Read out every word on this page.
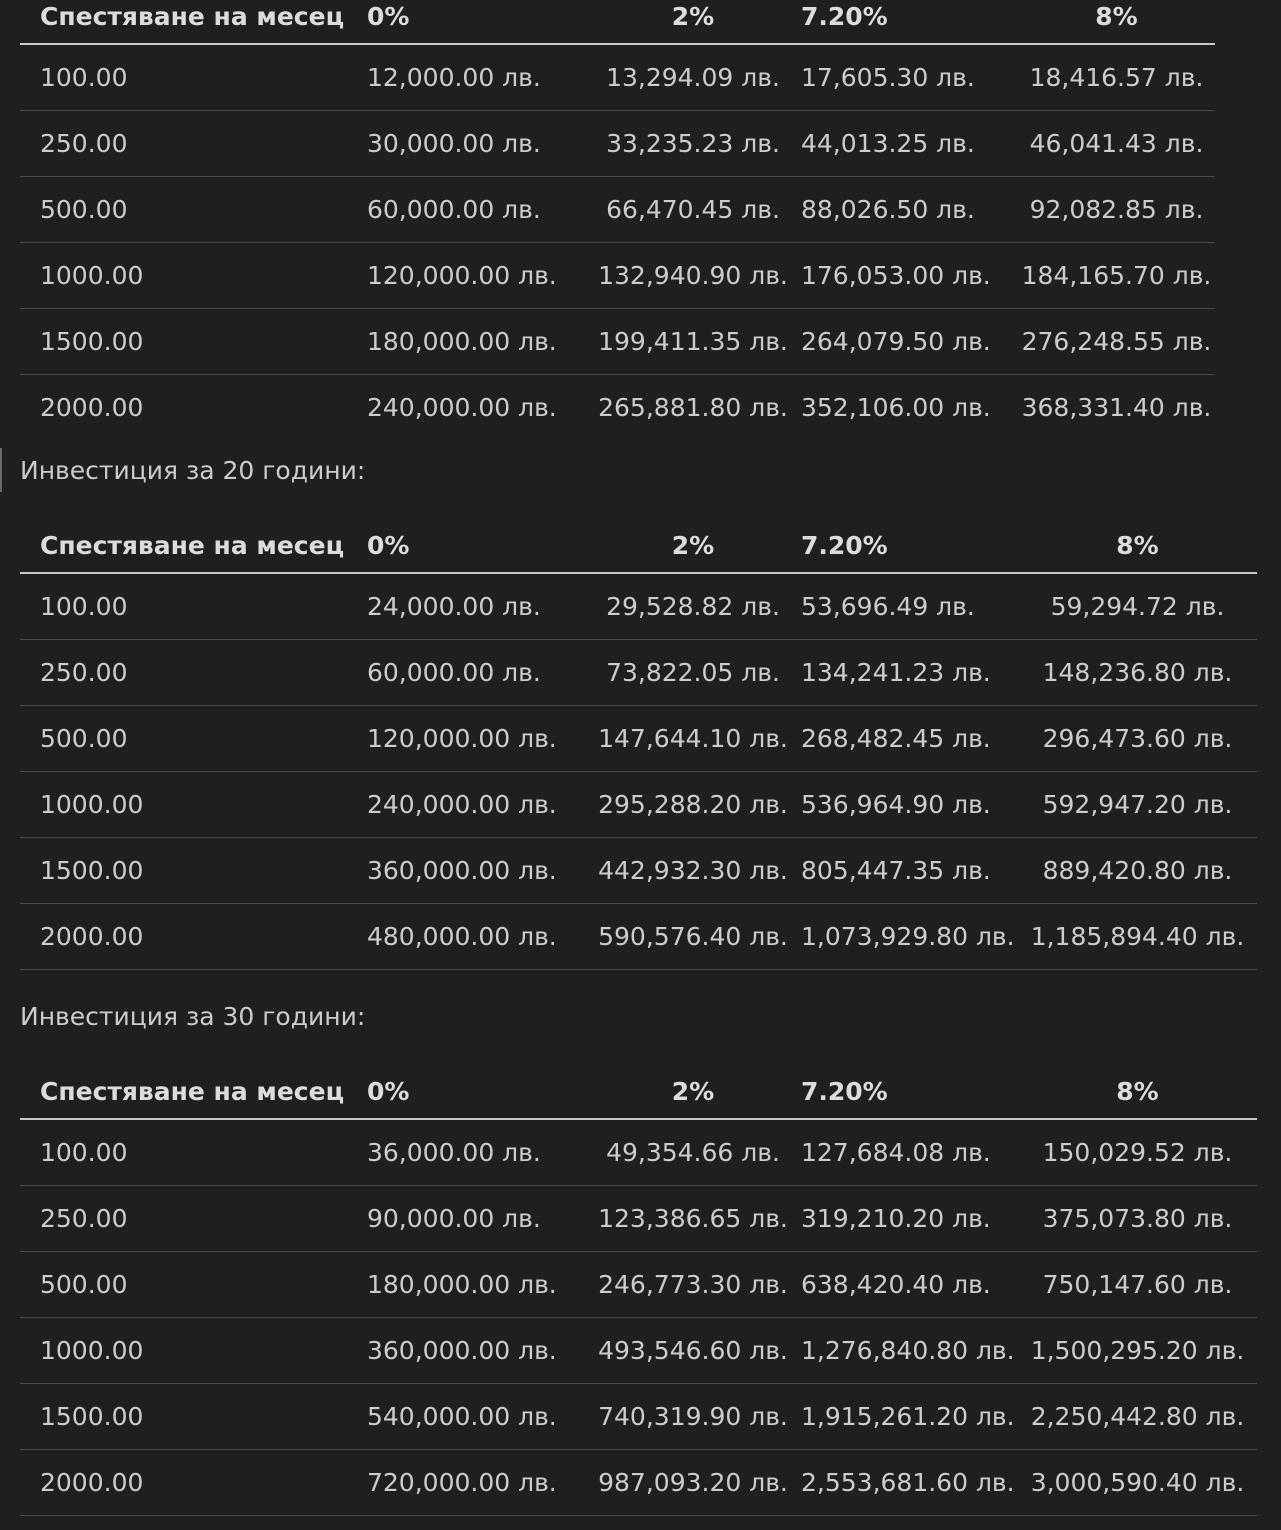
Спестяване на месец	0%	2%	7.20%	8%
100.00	12,000.00 лв.	13,294.09 лв.	17,605.30 лв.	18,416.57 лв.
250.00	30,000.00 лв.	33,235.23 лв.	44,013.25 лв.	46,041.43 лв.
500.00	60,000.00 лв.	66,470.45 лв.	88,026.50 лв.	92,082.85 лв.
1000.00	120,000.00 лв.	132,940.90 лв.	176,053.00 лв.	184,165.70 лв.
1500.00	180,000.00 лв.	199,411.35 лв.	264,079.50 лв.	276,248.55 лв.
2000.00	240,000.00 лв.	265,881.80 лв.	352,106.00 лв.	368,331.40 лв.
Инвестиция за 20 години:
Спестяване на месец	0%	2%	7.20%	8%
100.00	24,000.00 лв.	29,528.82 лв.	53,696.49 лв.	59,294.72 лв.
250.00	60,000.00 лв.	73,822.05 лв.	134,241.23 лв.	148,236.80 лв.
500.00	120,000.00 лв.	147,644.10 лв.	268,482.45 лв.	296,473.60 лв.
1000.00	240,000.00 лв.	295,288.20 лв.	536,964.90 лв.	592,947.20 лв.
1500.00	360,000.00 лв.	442,932.30 лв.	805,447.35 лв.	889,420.80 лв.
2000.00	480,000.00 лв.	590,576.40 лв.	1,073,929.80 лв.	1,185,894.40 лв.
Инвестиция за 30 години:
Спестяване на месец	0%	2%	7.20%	8%
100.00	36,000.00 лв.	49,354.66 лв.	127,684.08 лв.	150,029.52 лв.
250.00	90,000.00 лв.	123,386.65 лв.	319,210.20 лв.	375,073.80 лв.
500.00	180,000.00 лв.	246,773.30 лв.	638,420.40 лв.	750,147.60 лв.
1000.00	360,000.00 лв.	493,546.60 лв.	1,276,840.80 лв.	1,500,295.20 лв.
1500.00	540,000.00 лв.	740,319.90 лв.	1,915,261.20 лв.	2,250,442.80 лв.
2000.00	720,000.00 лв.	987,093.20 лв.	2,553,681.60 лв.	3,000,590.40 лв.
